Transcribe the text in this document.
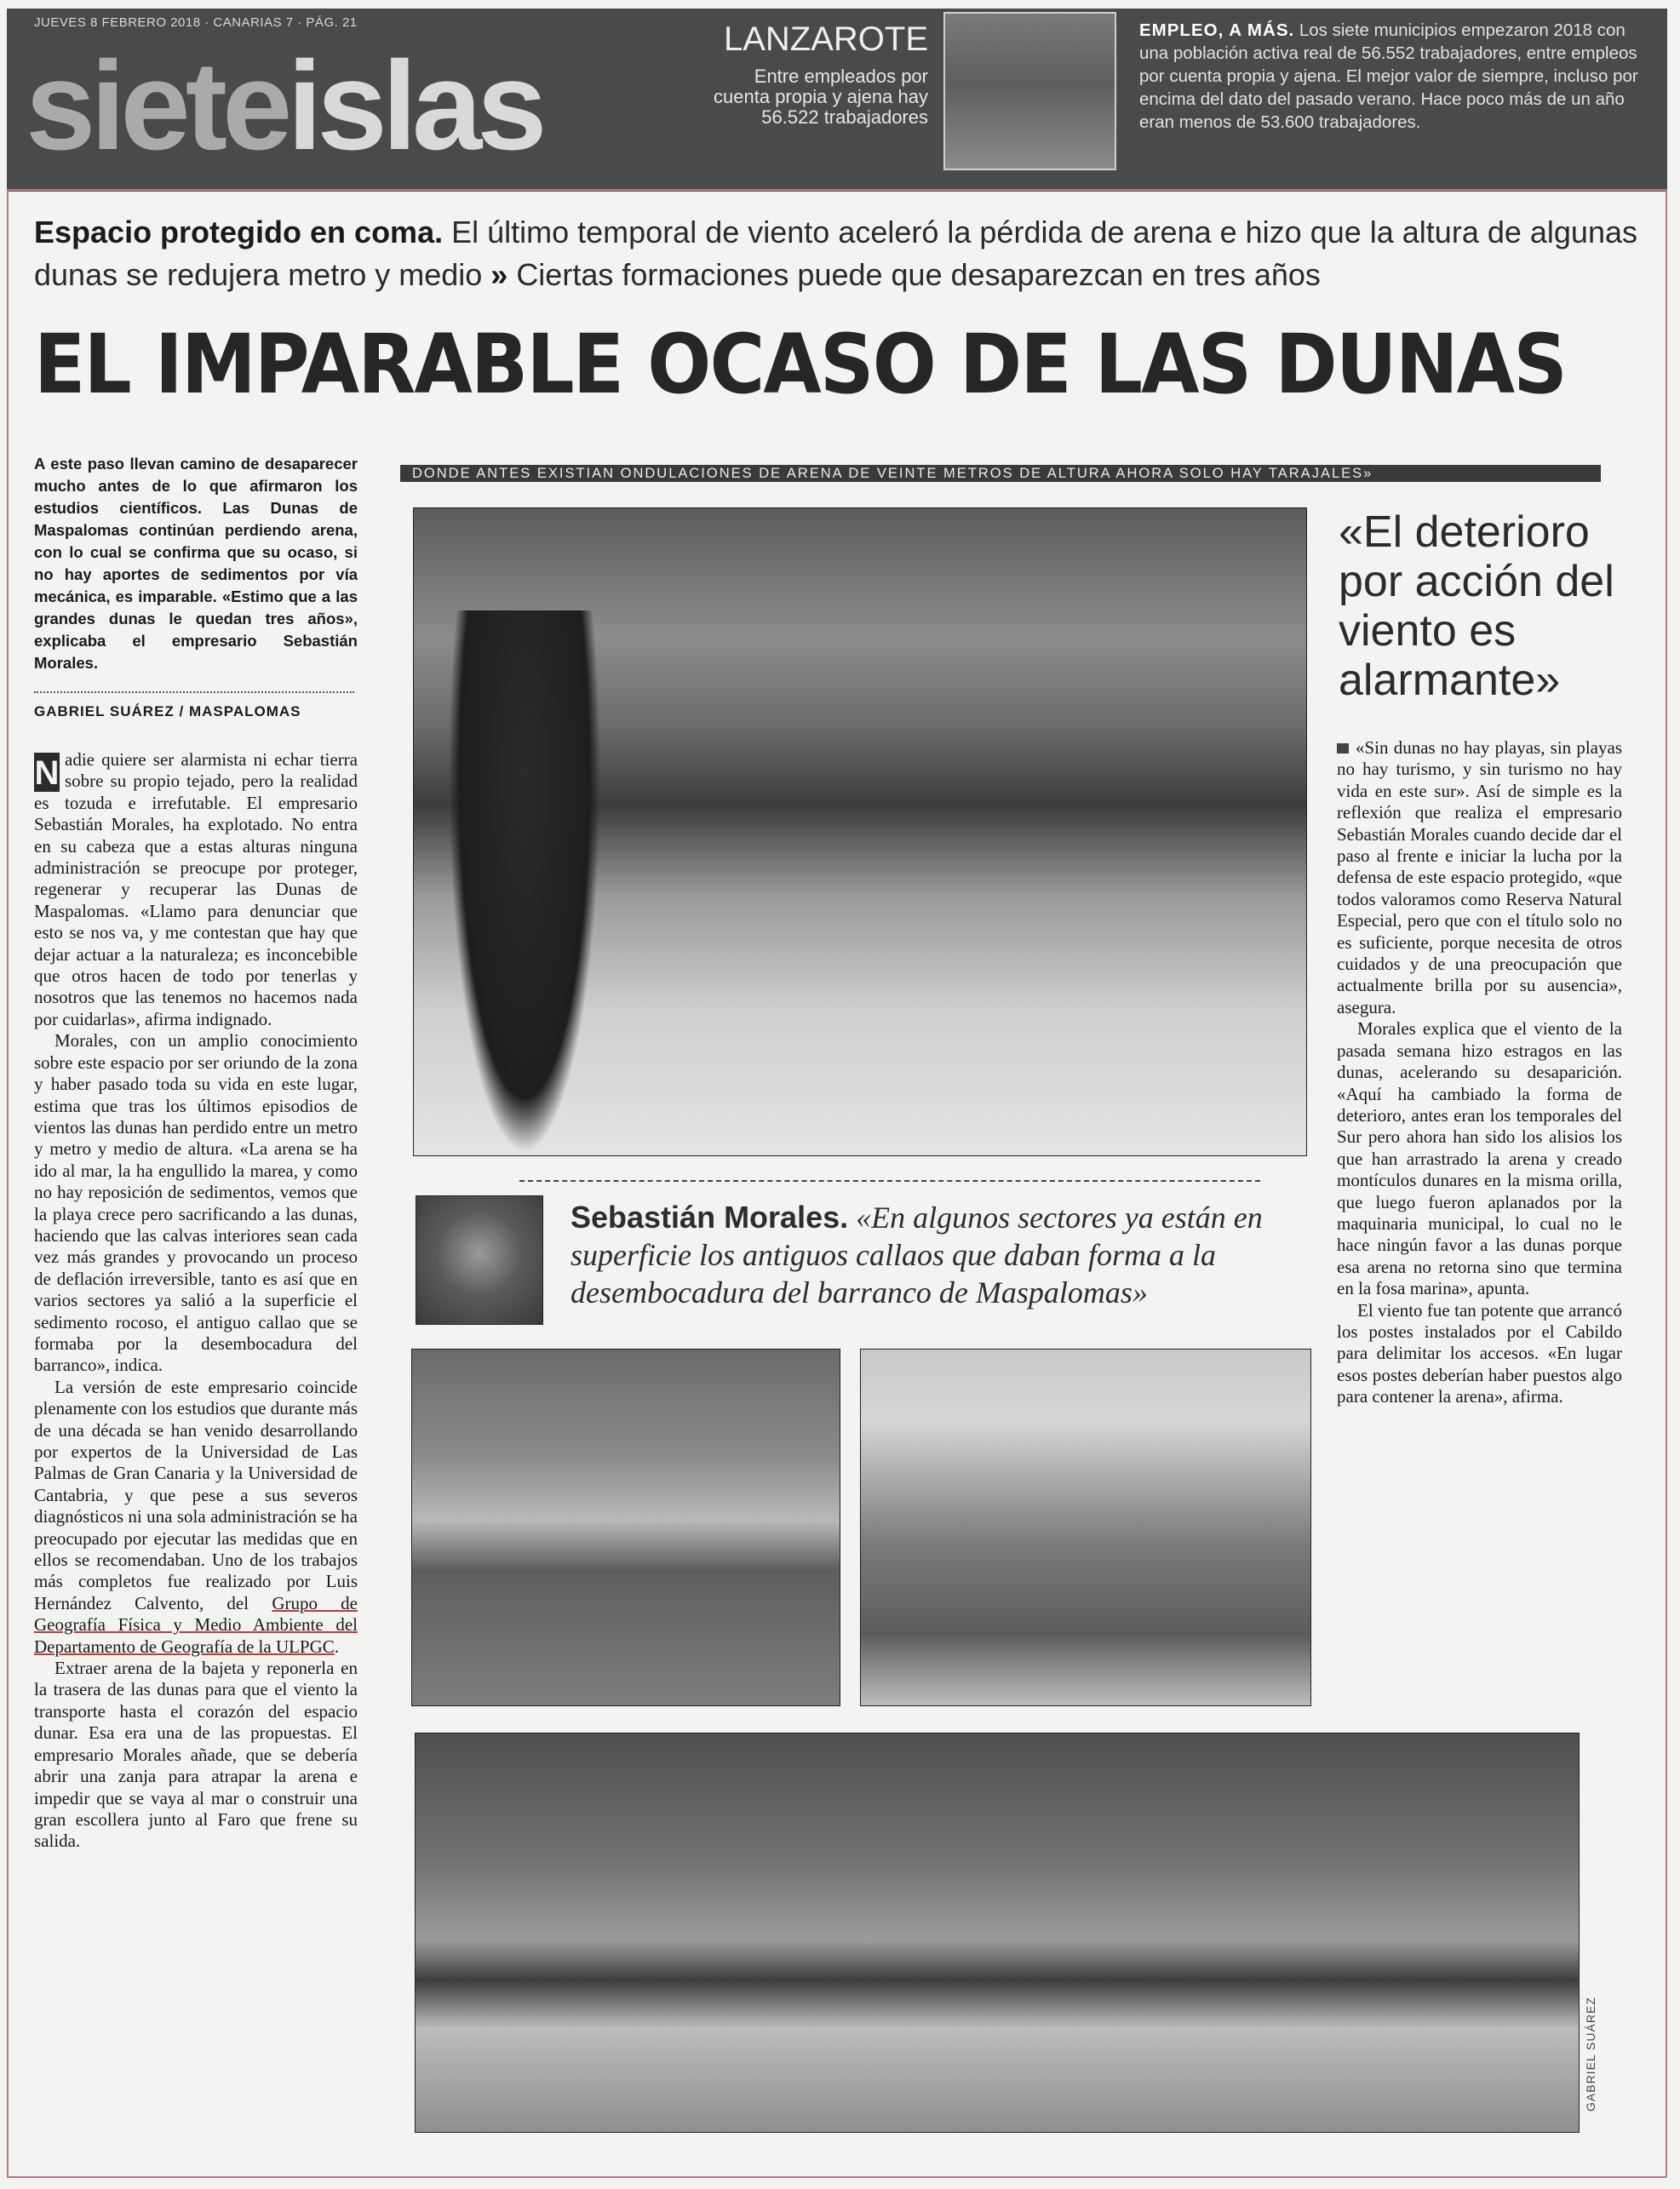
JUEVES 8 FEBRERO 2018 · CANARIAS 7 · PÁG. 21
sieteislas	LANZAROTE
Entre empleados por cuenta propia y ajena hay 56.522 trabajadores
EMPLEO, A MÁS. Los siete municipios empezaron 2018 con una población activa real de 56.552 trabajadores, entre empleos por cuenta propia y ajena. El mejor valor de siempre, incluso por encima del dato del pasado verano. Hace poco más de un año eran menos de 53.600 trabajadores.
Espacio protegido en coma. El último temporal de viento aceleró la pérdida de arena e hizo que la altura de algunas dunas se redujera metro y medio » Ciertas formaciones puede que desaparezcan en tres años
EL IMPARABLE OCASO DE LAS DUNAS
A este paso llevan camino de desaparecer mucho antes de lo que afirmaron los estudios científicos. Las Dunas de Maspalomas continúan perdiendo arena, con lo cual se confirma que su ocaso, si no hay aportes de sedimentos por vía mecánica, es imparable. «Estimo que a las grandes dunas le quedan tres años», explicaba el empresario Sebastián Morales.
GABRIEL SUÁREZ / MASPALOMAS

N adie quiere ser alarmista ni echar tierra sobre su propio tejado, pero la realidad es tozuda e irrefutable. El empresario Sebastián Morales, ha explotado. No entra en su cabeza que a estas alturas ninguna administración se preocupe por proteger, regenerar y recuperar las Dunas de Maspalomas. «Llamo para denunciar que esto se nos va, y me contestan que hay que dejar actuar a la naturaleza; es inconcebible que otros hacen de todo por tenerlas y nosotros que las tenemos no hacemos nada por cuidarlas», afirma indignado.

Morales, con un amplio conocimiento sobre este espacio por ser oriundo de la zona y haber pasado toda su vida en este lugar, estima que tras los últimos episodios de vientos las dunas han perdido entre un metro y metro y medio de altura. «La arena se ha ido al mar, la ha engullido la marea, y como no hay reposición de sedimentos, vemos que la playa crece pero sacrificando a las dunas, haciendo que las calvas interiores sean cada vez más grandes y provocando un proceso de deflación irreversible, tanto es así que en varios sectores ya salió a la superficie el sedimento rocoso, el antiguo callao que se formaba por la desembocadura del barranco», indica.

La versión de este empresario coincide plenamente con los estudios que durante más de una década se han venido desarrollando por expertos de la Universidad de Las Palmas de Gran Canaria y la Universidad de Cantabria, y que pese a sus severos diagnósticos ni una sola administración se ha preocupado por ejecutar las medidas que en ellos se recomendaban. Uno de los trabajos más completos fue realizado por Luis Hernández Calvento, del Grupo de Geografía Física y Medio Ambiente del Departamento de Geografía de la ULPGC.

Extraer arena de la bajeta y reponerla en la trasera de las dunas para que el viento la transporte hasta el corazón del espacio dunar. Esa era una de las propuestas. El empresario Morales añade, que se debería abrir una zanja para atrapar la arena e impedir que se vaya al mar o construir una gran escollera junto al Faro que frene su salida.

DONDE ANTES EXISTIAN ONDULACIONES DE ARENA DE VEINTE METROS DE ALTURA AHORA SOLO HAY TARAJALES»
«El deterioro por acción del viento es alarmante»

«Sin dunas no hay playas, sin playas no hay turismo, y sin turismo no hay vida en este sur». Así de simple es la reflexión que realiza el empresario Sebastián Morales cuando decide dar el paso al frente e iniciar la lucha por la defensa de este espacio protegido, «que todos valoramos como Reserva Natural Especial, pero que con el título solo no es suficiente, porque necesita de otros cuidados y de una preocupación que actualmente brilla por su ausencia», asegura.

Morales explica que el viento de la pasada semana hizo estragos en las dunas, acelerando su desaparición. «Aquí ha cambiado la forma de deterioro, antes eran los temporales del Sur pero ahora han sido los alisios los que han arrastrado la arena y creado montículos dunares en la misma orilla, que luego fueron aplanados por la maquinaria municipal, lo cual no le hace ningún favor a las dunas porque esa arena no retorna sino que termina en la fosa marina», apunta.

El viento fue tan potente que arrancó los postes instalados por el Cabildo para delimitar los accesos. «En lugar esos postes deberían haber puestos algo para contener la arena», afirma.

Sebastián Morales. «En algunos sectores ya están en superficie los antiguos callaos que daban forma a la desembocadura del barranco de Maspalomas»
GABRIEL SUÁREZ
